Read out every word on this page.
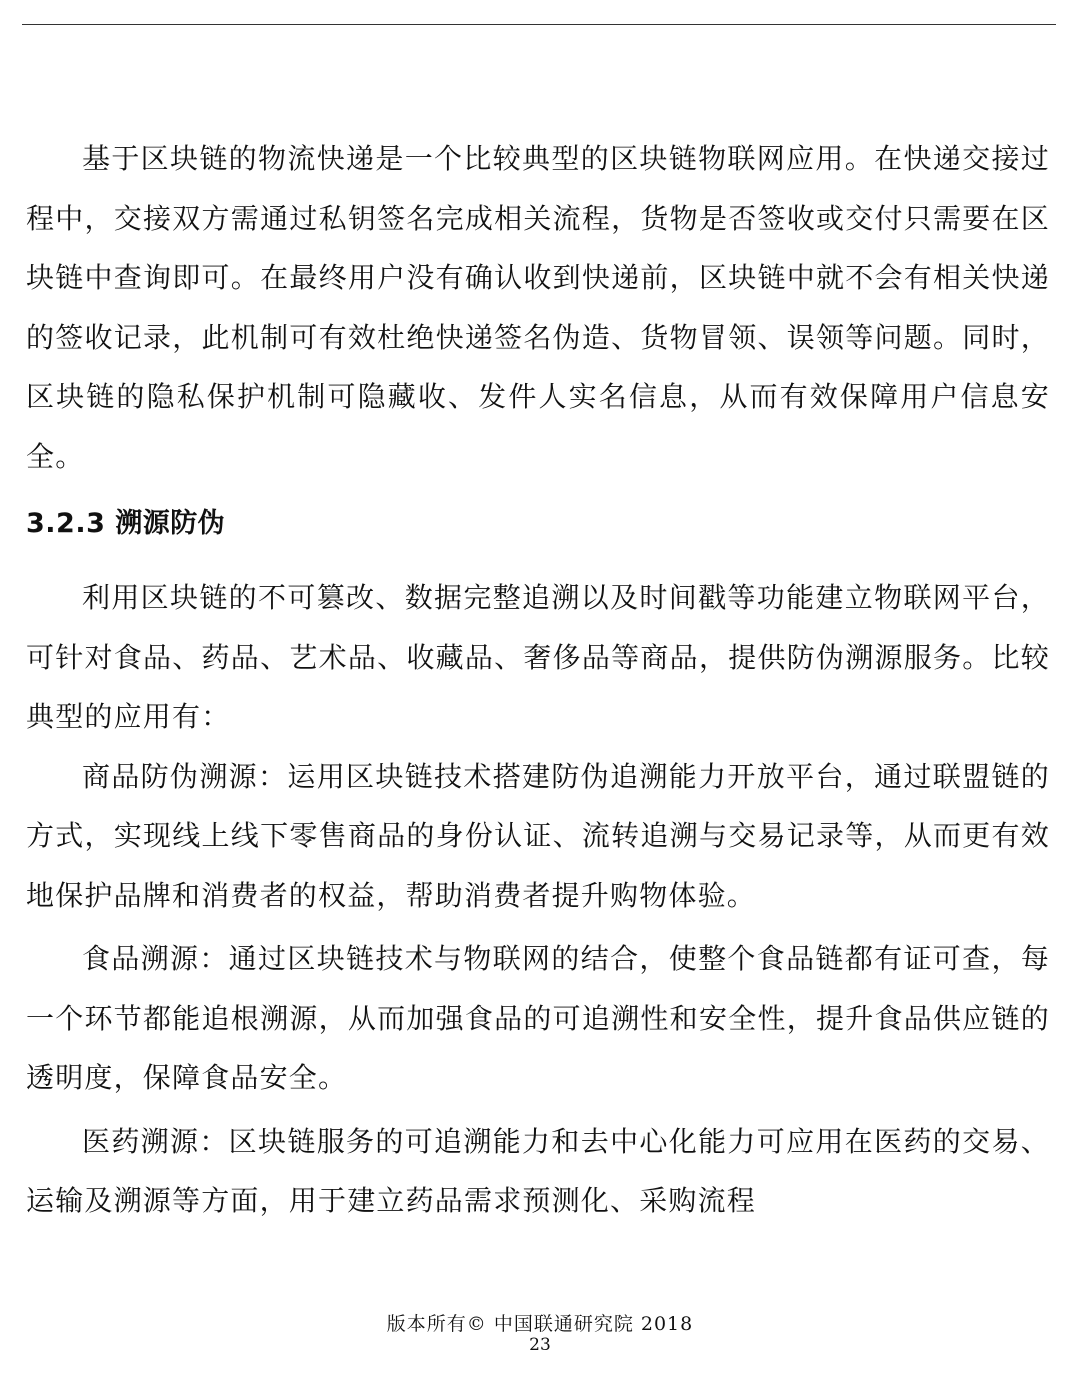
基于区块链的物流快递是一个比较典型的区块链物联网应用。在快递交接过程中，交接双方需通过私钥签名完成相关流程，货物是否签收或交付只需要在区块链中查询即可。在最终用户没有确认收到快递前，区块链中就不会有相关快递的签收记录，此机制可有效杜绝快递签名伪造、货物冒领、误领等问题。同时，区块链的隐私保护机制可隐藏收、发件人实名信息，从而有效保障用户信息安全。

3.2.3 溯源防伪

利用区块链的不可篡改、数据完整追溯以及时间戳等功能建立物联网平台，可针对食品、药品、艺术品、收藏品、奢侈品等商品，提供防伪溯源服务。比较典型的应用有：

商品防伪溯源：运用区块链技术搭建防伪追溯能力开放平台，通过联盟链的方式，实现线上线下零售商品的身份认证、流转追溯与交易记录等，从而更有效地保护品牌和消费者的权益，帮助消费者提升购物体验。

食品溯源：通过区块链技术与物联网的结合，使整个食品链都有证可查，每一个环节都能追根溯源，从而加强食品的可追溯性和安全性，提升食品供应链的透明度，保障食品安全。

医药溯源：区块链服务的可追溯能力和去中心化能力可应用在医药的交易、运输及溯源等方面，用于建立药品需求预测化、采购流程

版本所有© 中国联通研究院 2018
23
